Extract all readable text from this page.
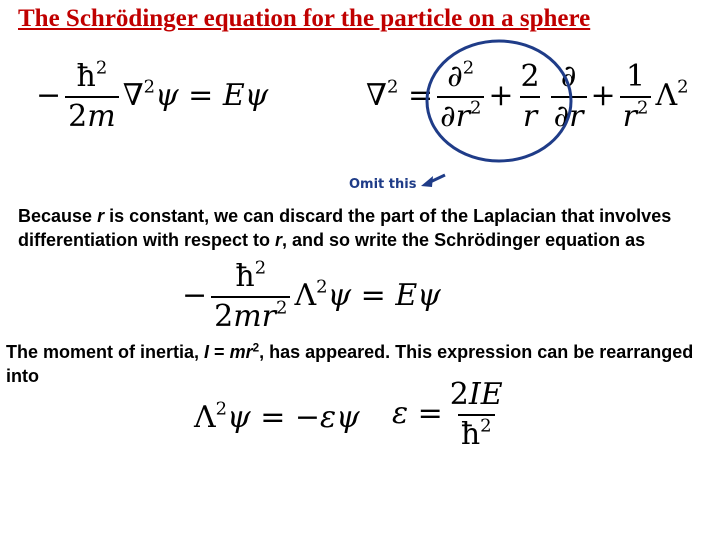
The Schrödinger equation for the particle on a sphere
− $\frac{ħ^2}{2m} \nabla^2\psi = E\psi$	$\nabla^2 = \frac{\partial^2}{\partial r^2} + \frac{2}{r} \frac{\partial}{\partial r} + \frac{1}{r^2} \Lambda^2$
Omit this
Because r is constant, we can discard the part of the Laplacian that involves differentiation with respect to r, and so write the Schrödinger equation as
− $\frac{ħ^2}{2mr^2} \Lambda^2\psi = E\psi$
The moment of inertia, $I = mr^2$, has appeared. This expression can be rearranged into
$\Lambda^2\psi = -\varepsilon\psi$ $\varepsilon = \frac{2IE}{ħ^2}$
